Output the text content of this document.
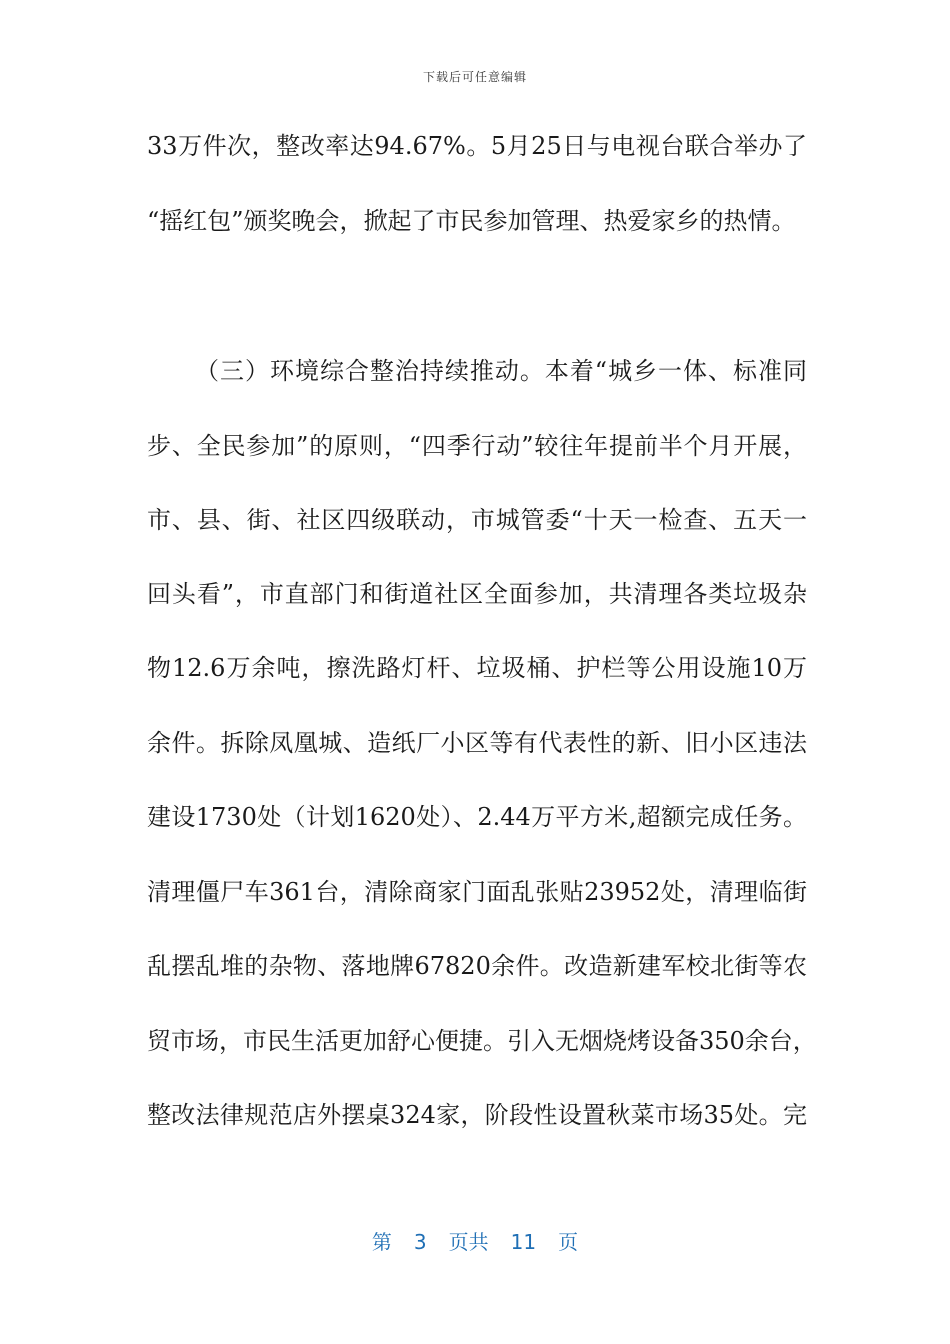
下载后可任意编辑
33万件次，整改率达94.67%。5月25日与电视台联合举办了
“摇红包”颁奖晚会，掀起了市民参加管理、热爱家乡的热情。
（三）环境综合整治持续推动。本着“城乡一体、标准同
步、全民参加”的原则，“四季行动”较往年提前半个月开展，
市、县、街、社区四级联动，市城管委“十天一检查、五天一
回头看”，市直部门和街道社区全面参加，共清理各类垃圾杂
物12.6万余吨，擦洗路灯杆、垃圾桶、护栏等公用设施10万
余件。拆除凤凰城、造纸厂小区等有代表性的新、旧小区违法
建设1730处（计划1620处）、2.44万平方米,超额完成任务。
清理僵尸车361台，清除商家门面乱张贴23952处，清理临街
乱摆乱堆的杂物、落地牌67820余件。改造新建军校北街等农
贸市场，市民生活更加舒心便捷。引入无烟烧烤设备350余台，
整改法律规范店外摆桌324家，阶段性设置秋菜市场35处。完
第 3 页共 11 页
